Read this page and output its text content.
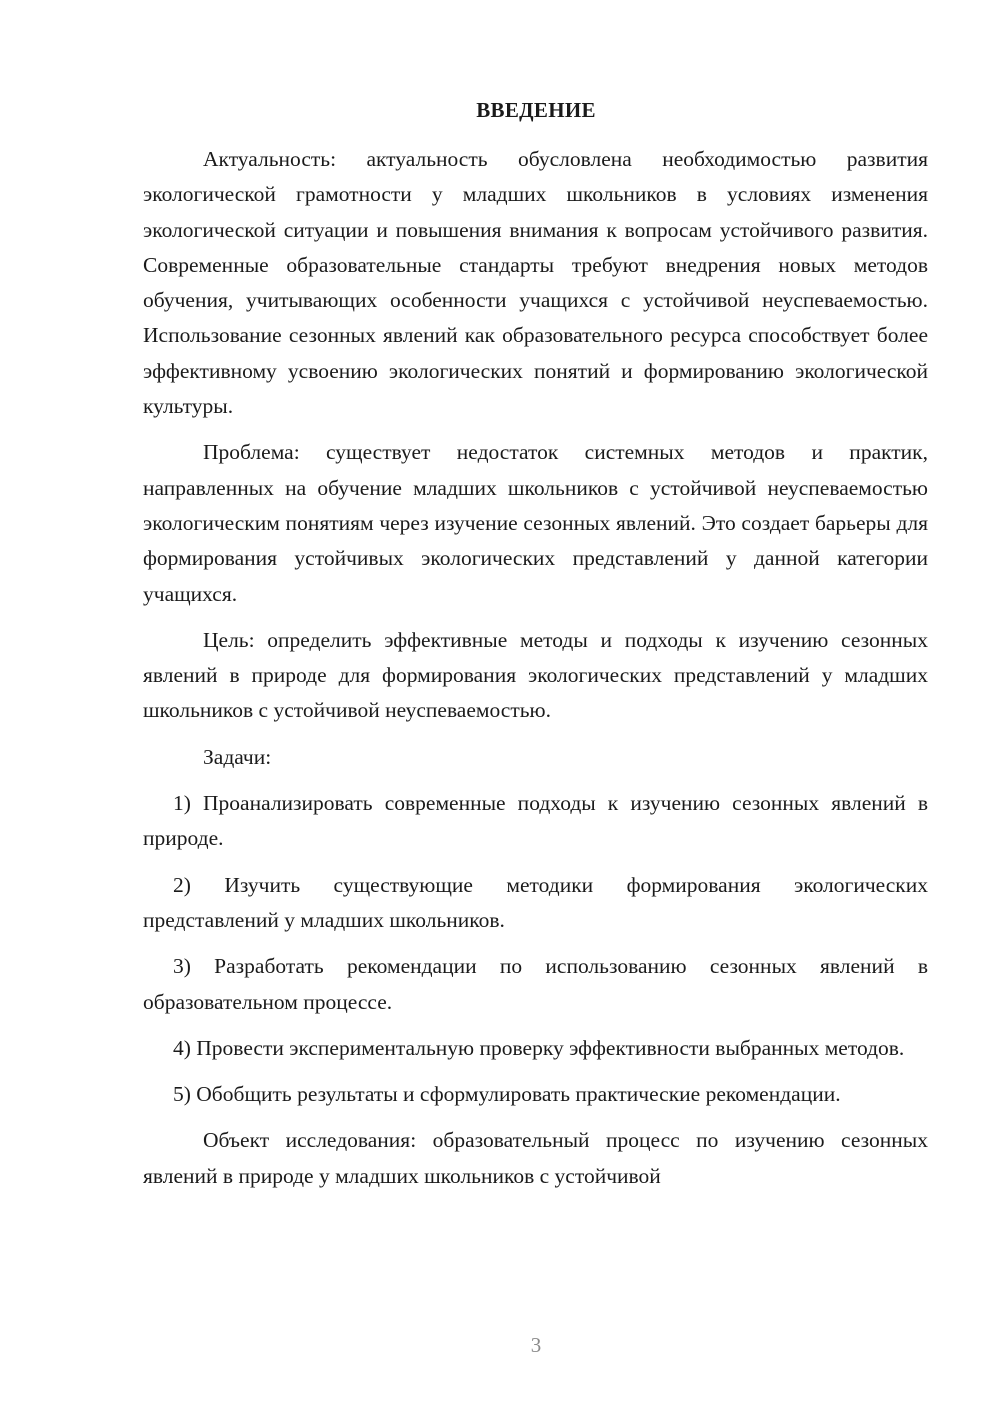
ВВЕДЕНИЕ

Актуальность: актуальность обусловлена необходимостью развития экологической грамотности у младших школьников в условиях изменения экологической ситуации и повышения внимания к вопросам устойчивого развития. Современные образовательные стандарты требуют внедрения новых методов обучения, учитывающих особенности учащихся с устойчивой неуспеваемостью. Использование сезонных явлений как образовательного ресурса способствует более эффективному усвоению экологических понятий и формированию экологической культуры.

Проблема: существует недостаток системных методов и практик, направленных на обучение младших школьников с устойчивой неуспеваемостью экологическим понятиям через изучение сезонных явлений. Это создает барьеры для формирования устойчивых экологических представлений у данной категории учащихся.

Цель: определить эффективные методы и подходы к изучению сезонных явлений в природе для формирования экологических представлений у младших школьников с устойчивой неуспеваемостью.

Задачи:

1) Проанализировать современные подходы к изучению сезонных явлений в природе.

2) Изучить существующие методики формирования экологических представлений у младших школьников.

3) Разработать рекомендации по использованию сезонных явлений в образовательном процессе.

4) Провести экспериментальную проверку эффективности выбранных методов.

5) Обобщить результаты и сформулировать практические рекомендации.

Объект исследования: образовательный процесс по изучению сезонных явлений в природе у младших школьников с устойчивой

3
